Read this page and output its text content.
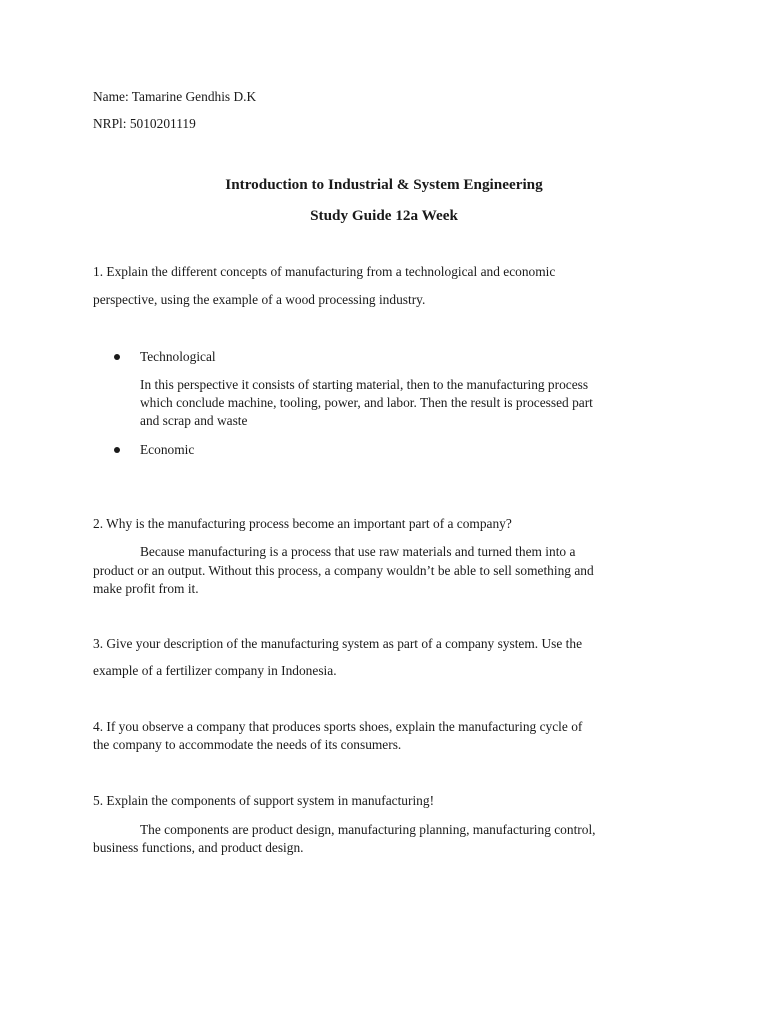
Name: Tamarine Gendhis D.K
NRPl: 5010201119
Introduction to Industrial & System Engineering
Study Guide 12a Week
1. Explain the different concepts of manufacturing from a technological and economic
perspective, using the example of a wood processing industry.
Technological
In this perspective it consists of starting material, then to the manufacturing process
which conclude machine, tooling, power, and labor. Then the result is processed part
and scrap and waste
Economic
2. Why is the manufacturing process become an important part of a company?
Because manufacturing is a process that use raw materials and turned them into a
product or an output. Without this process, a company wouldn’t be able to sell something and
make profit from it.
3. Give your description of the manufacturing system as part of a company system. Use the
example of a fertilizer company in Indonesia.
4. If you observe a company that produces sports shoes, explain the manufacturing cycle of
the company to accommodate the needs of its consumers.
5. Explain the components of support system in manufacturing!
The components are product design, manufacturing planning, manufacturing control,
business functions, and product design.
